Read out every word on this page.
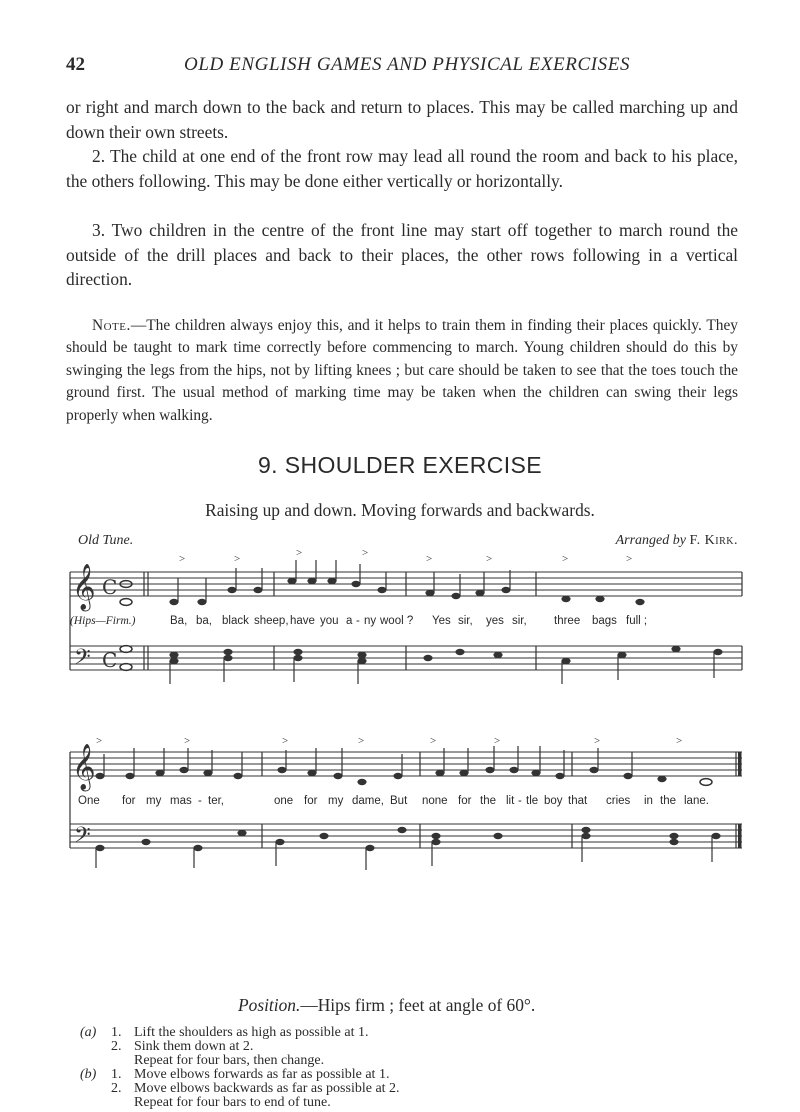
42	OLD ENGLISH GAMES AND PHYSICAL EXERCISES

or right and march down to the back and return to places. This may be called marching up and down their own streets.

2. The child at one end of the front row may lead all round the room and back to his place, the others following. This may be done either vertically or horizontally.

3. Two children in the centre of the front line may start off together to march round the outside of the drill places and back to their places, the other rows following in a vertical direction.

Note.—The children always enjoy this, and it helps to train them in finding their places quickly. They should be taught to mark time correctly before commencing to march. Young children should do this by swinging the legs from the hips, not by lifting knees ; but care should be taken to see that the toes touch the ground first. The usual method of marking time may be taken when the children can swing their legs properly when walking.
9. SHOULDER EXERCISE
Raising up and down. Moving forwards and backwards.
Old Tune.	Arranged by F. Kirk.
𝄞
𝄢
C
C
>	>	>	>	>	>	>	>
(Hips—Firm.)	Ba, ba, black sheep, have you a - ny wool ? Yes sir, yes sir, three bags full ;
𝄞
𝄢
>	>	>	>	>	>	>	>
One for my mas - ter,	one for my dame, But none for the lit - tle boy that cries in the lane.
Position.—Hips firm ; feet at angle of 60°.
(a) 1. Lift the shoulders as high as possible at 1.
2. Sink them down at 2.
Repeat for four bars, then change.
(b) 1. Move elbows forwards as far as possible at 1.
2. Move elbows backwards as far as possible at 2.
Repeat for four bars to end of tune.
